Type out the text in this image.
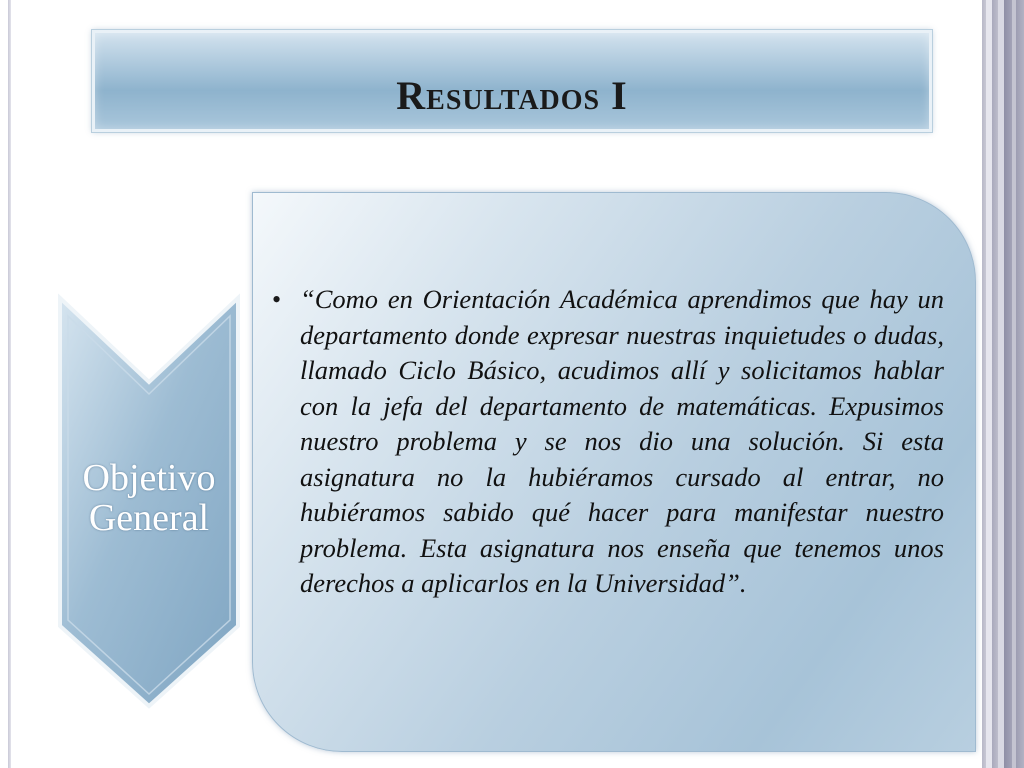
Resultados I
Objetivo
General
• “Como en Orientación Académica aprendimos que hay un departamento donde expresar nuestras inquietudes o dudas, llamado Ciclo Básico, acudimos allí y solicitamos hablar con la jefa del departamento de matemáticas. Expusimos nuestro problema y se nos dio una solución. Si esta asignatura no la hubiéramos cursado al entrar, no hubiéramos sabido qué hacer para manifestar nuestro problema. Esta asignatura nos enseña que tenemos unos derechos a aplicarlos en la Universidad”.
